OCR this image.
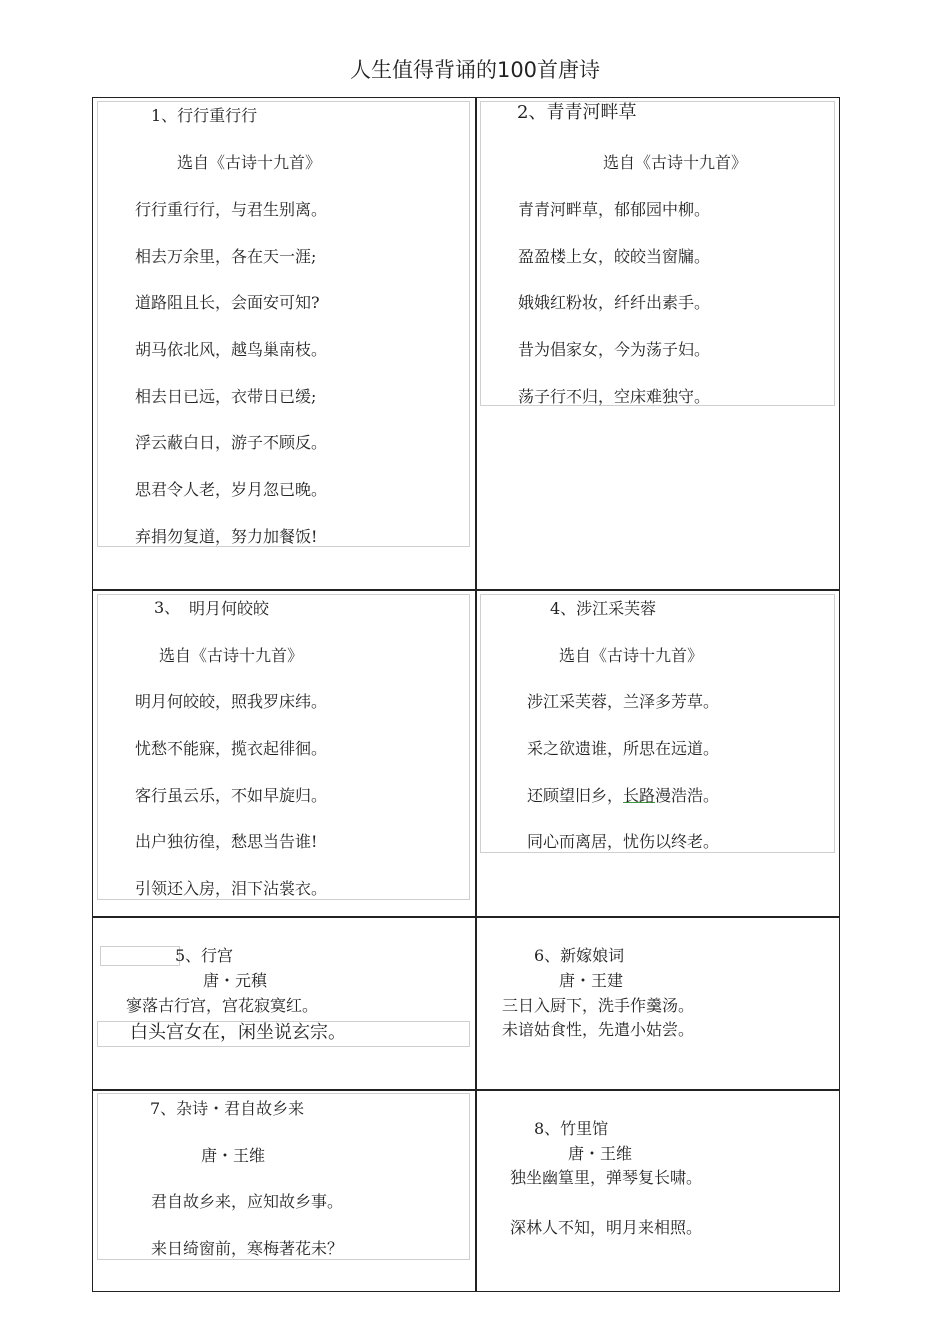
人生值得背诵的100首唐诗
1、行行重行行
选自《古诗十九首》
行行重行行，与君生别离。
相去万余里，各在天一涯;
道路阻且长，会面安可知?
胡马依北风，越鸟巢南枝。
相去日已远，衣带日已缓;
浮云蔽白日，游子不顾反。
思君令人老，岁月忽已晚。
弃捐勿复道，努力加餐饭!
2、青青河畔草
选自《古诗十九首》
青青河畔草，郁郁园中柳。
盈盈楼上女，皎皎当窗牖。
娥娥红粉妆，纤纤出素手。
昔为倡家女，今为荡子妇。
荡子行不归，空床难独守。
3、 明月何皎皎
选自《古诗十九首》
明月何皎皎，照我罗床纬。
忧愁不能寐，揽衣起徘徊。
客行虽云乐，不如早旋归。
出户独彷徨，愁思当告谁!
引领还入房，泪下沾裳衣。
4、涉江采芙蓉
选自《古诗十九首》
涉江采芙蓉，兰泽多芳草。
采之欲遗谁，所思在远道。
还顾望旧乡，长路漫浩浩。
同心而离居，忧伤以终老。
5 、行宫
唐・元稹
寥落古行宫，宫花寂寞红。
白头宫女在，闲坐说玄宗。
6、新嫁娘词
唐・王建
三日入厨下，洗手作羹汤。
未谙姑食性，先遣小姑尝。
7、杂诗・君自故乡来
唐・王维
君自故乡来，应知故乡事。
来日绮窗前，寒梅著花未？
8、竹里馆
唐・王维
独坐幽篁里，弹琴复长啸。
深林人不知，明月来相照。
